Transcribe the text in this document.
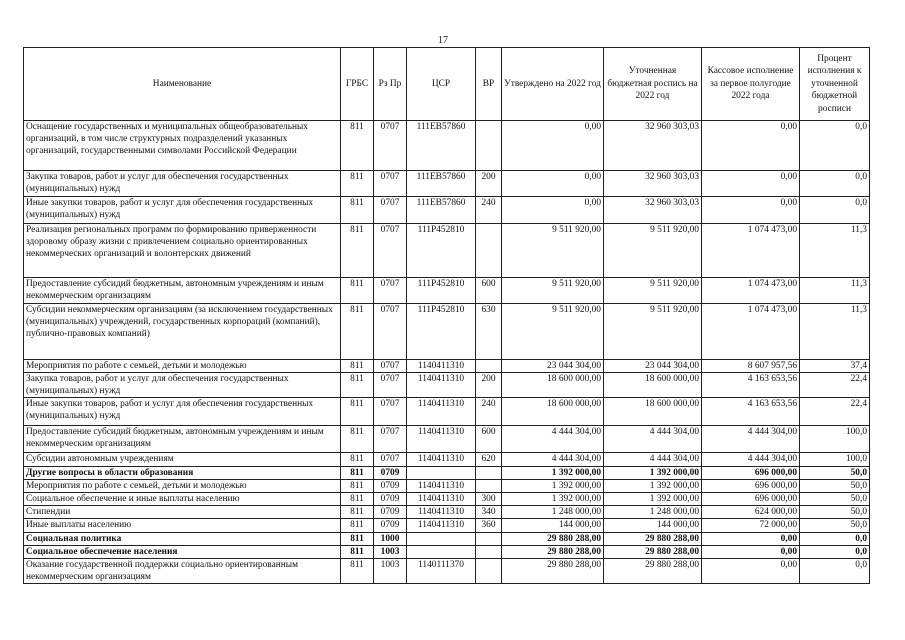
17
Наименование	ГРБС	Рз Пр	ЦСР	ВР	Утверждено на 2022 год	Уточненная бюджетная роспись на 2022 год	Кассовое исполнение за первое полугодие 2022 года	Процент исполнения к уточненной бюджетной росписи
Оснащение государственных и муниципальных общеобразовательных организаций, в том числе структурных подразделений указанных организаций, государственными символами Российской Федерации	811	0707	111EB57860		0,00	32 960 303,03	0,00	0,0
Закупка товаров, работ и услуг для обеспечения государственных (муниципальных) нужд	811	0707	111EB57860	200	0,00	32 960 303,03	0,00	0,0
Иные закупки товаров, работ и услуг для обеспечения государственных (муниципальных) нужд	811	0707	111EB57860	240	0,00	32 960 303,03	0,00	0,0
Реализация региональных программ по формированию приверженности здоровому образу жизни с привлечением социально ориентированных некоммерческих организаций и волонтерских движений	811	0707	111P452810		9 511 920,00	9 511 920,00	1 074 473,00	11,3
Предоставление субсидий бюджетным, автономным учреждениям и иным некоммерческим организациям	811	0707	111P452810	600	9 511 920,00	9 511 920,00	1 074 473,00	11,3
Субсидии некоммерческим организациям (за исключением государственных (муниципальных) учреждений, государственных корпораций (компаний), публично-правовых компаний)	811	0707	111P452810	630	9 511 920,00	9 511 920,00	1 074 473,00	11,3
Мероприятия по работе с семьей, детьми и молодежью	811	0707	1140411310		23 044 304,00	23 044 304,00	8 607 957,56	37,4
Закупка товаров, работ и услуг для обеспечения государственных (муниципальных) нужд	811	0707	1140411310	200	18 600 000,00	18 600 000,00	4 163 653,56	22,4
Иные закупки товаров, работ и услуг для обеспечения государственных (муниципальных) нужд	811	0707	1140411310	240	18 600 000,00	18 600 000,00	4 163 653,56	22,4
Предоставление субсидий бюджетным, автономным учреждениям и иным некоммерческим организациям	811	0707	1140411310	600	4 444 304,00	4 444 304,00	4 444 304,00	100,0
Субсидии автономным учреждениям	811	0707	1140411310	620	4 444 304,00	4 444 304,00	4 444 304,00	100,0
Другие вопросы в области образования	811	0709			1 392 000,00	1 392 000,00	696 000,00	50,0
Мероприятия по работе с семьей, детьми и молодежью	811	0709	1140411310		1 392 000,00	1 392 000,00	696 000,00	50,0
Социальное обеспечение и иные выплаты населению	811	0709	1140411310	300	1 392 000,00	1 392 000,00	696 000,00	50,0
Стипендии	811	0709	1140411310	340	1 248 000,00	1 248 000,00	624 000,00	50,0
Иные выплаты населению	811	0709	1140411310	360	144 000,00	144 000,00	72 000,00	50,0
Социальная политика	811	1000			29 880 288,00	29 880 288,00	0,00	0,0
Социальное обеспечение населения	811	1003			29 880 288,00	29 880 288,00	0,00	0,0
Оказание государственной поддержки социально ориентированным некоммерческим организациям	811	1003	1140111370		29 880 288,00	29 880 288,00	0,00	0,0
